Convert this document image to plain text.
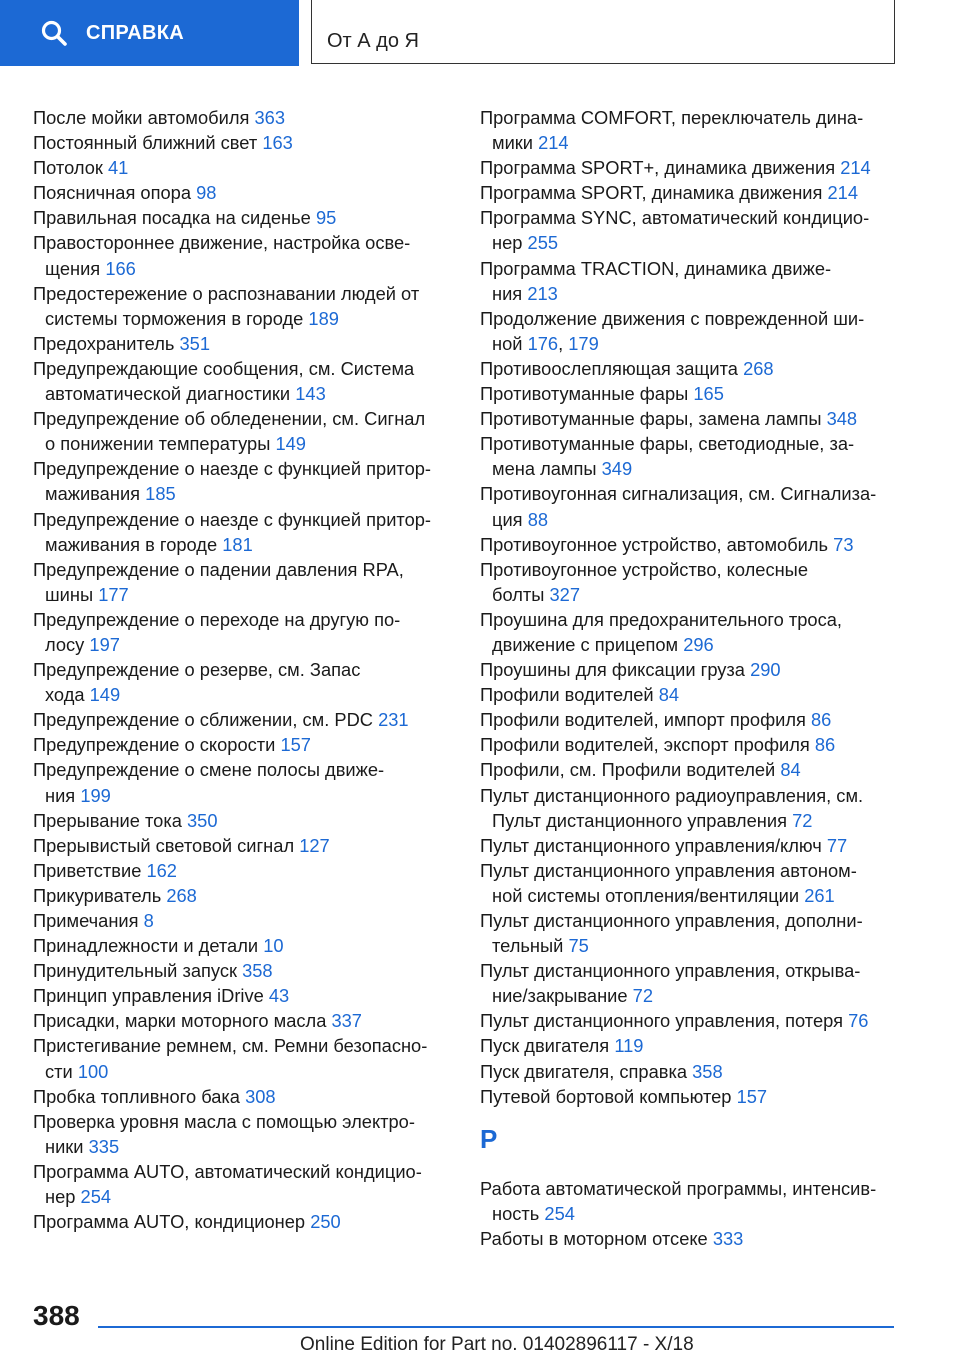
СПРАВКА	От А до Я
После мойки автомобиля 363
Постоянный ближний свет 163
Потолок 41
Поясничная опора 98
Правильная посадка на сиденье 95
Правостороннее движение, настройка осве-
щения 166
Предостережение о распознавании людей от
системы торможения в городе 189
Предохранитель 351
Предупреждающие сообщения, см. Система
автоматической диагностики 143
Предупреждение об обледенении, см. Сигнал
о понижении температуры 149
Предупреждение о наезде с функцией притор-
маживания 185
Предупреждение о наезде с функцией притор-
маживания в городе 181
Предупреждение о падении давления RPA,
шины 177
Предупреждение о переходе на другую по-
лосу 197
Предупреждение о резерве, см. Запас
хода 149
Предупреждение о сближении, см. PDC 231
Предупреждение о скорости 157
Предупреждение о смене полосы движе-
ния 199
Прерывание тока 350
Прерывистый световой сигнал 127
Приветствие 162
Прикуриватель 268
Примечания 8
Принадлежности и детали 10
Принудительный запуск 358
Принцип управления iDrive 43
Присадки, марки моторного масла 337
Пристегивание ремнем, см. Ремни безопасно-
сти 100
Пробка топливного бака 308
Проверка уровня масла с помощью электро-
ники 335
Программа AUTO, автоматический кондицио-
нер 254
Программа AUTO, кондиционер 250
Программа COMFORT, переключатель дина-
мики 214
Программа SPORT+, динамика движения 214
Программа SPORT, динамика движения 214
Программа SYNC, автоматический кондицио-
нер 255
Программа TRACTION, динамика движе-
ния 213
Продолжение движения с поврежденной ши-
ной 176, 179
Противоослепляющая защита 268
Противотуманные фары 165
Противотуманные фары, замена лампы 348
Противотуманные фары, светодиодные, за-
мена лампы 349
Противоугонная сигнализация, см. Сигнализа-
ция 88
Противоугонное устройство, автомобиль 73
Противоугонное устройство, колесные
болты 327
Проушина для предохранительного троса,
движение с прицепом 296
Проушины для фиксации груза 290
Профили водителей 84
Профили водителей, импорт профиля 86
Профили водителей, экспорт профиля 86
Профили, см. Профили водителей 84
Пульт дистанционного радиоуправления, см.
Пульт дистанционного управления 72
Пульт дистанционного управления/ключ 77
Пульт дистанционного управления автоном-
ной системы отопления/вентиляции 261
Пульт дистанционного управления, дополни-
тельный 75
Пульт дистанционного управления, открыва-
ние/закрывание 72
Пульт дистанционного управления, потеря 76
Пуск двигателя 119
Пуск двигателя, справка 358
Путевой бортовой компьютер 157
Р
Работа автоматической программы, интенсив-
ность 254
Работы в моторном отсеке 333
388
Online Edition for Part no. 01402896117 - X/18
